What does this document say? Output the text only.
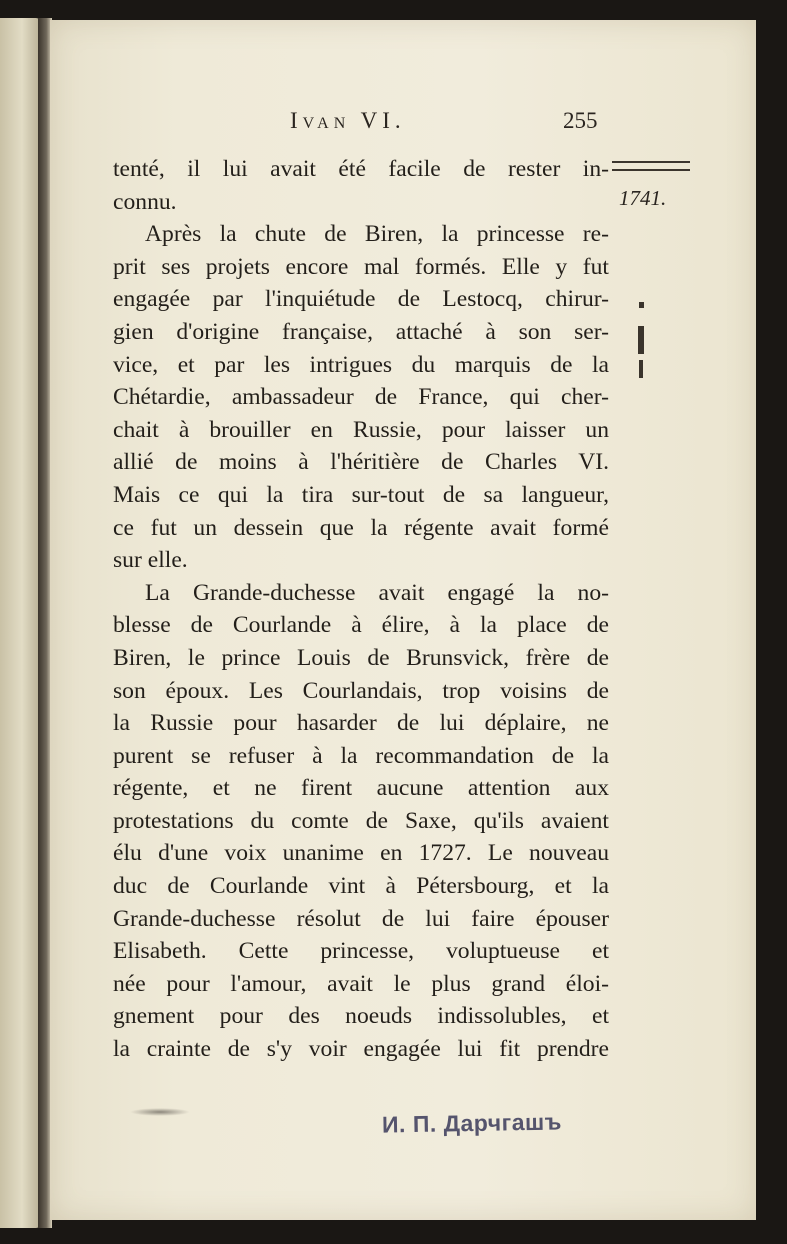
Ivan VI.	255
1741.
tenté, il lui avait été facile de rester in-
connu.
Après la chute de Biren, la princesse re-
prit ses projets encore mal formés. Elle y fut
engagée par l'inquiétude de Lestocq, chirur-
gien d'origine française, attaché à son ser-
vice, et par les intrigues du marquis de la
Chétardie, ambassadeur de France, qui cher-
chait à brouiller en Russie, pour laisser un
allié de moins à l'héritière de Charles VI.
Mais ce qui la tira sur-tout de sa langueur,
ce fut un dessein que la régente avait formé
sur elle.
La Grande-duchesse avait engagé la no-
blesse de Courlande à élire, à la place de
Biren, le prince Louis de Brunsvick, frère de
son époux. Les Courlandais, trop voisins de
la Russie pour hasarder de lui déplaire, ne
purent se refuser à la recommandation de la
régente, et ne firent aucune attention aux
protestations du comte de Saxe, qu'ils avaient
élu d'une voix unanime en 1727. Le nouveau
duc de Courlande vint à Pétersbourg, et la
Grande-duchesse résolut de lui faire épouser
Elisabeth. Cette princesse, voluptueuse et
née pour l'amour, avait le plus grand éloi-
gnement pour des noeuds indissolubles, et
la crainte de s'y voir engagée lui fit prendre
И. П. Дарчгашъ
